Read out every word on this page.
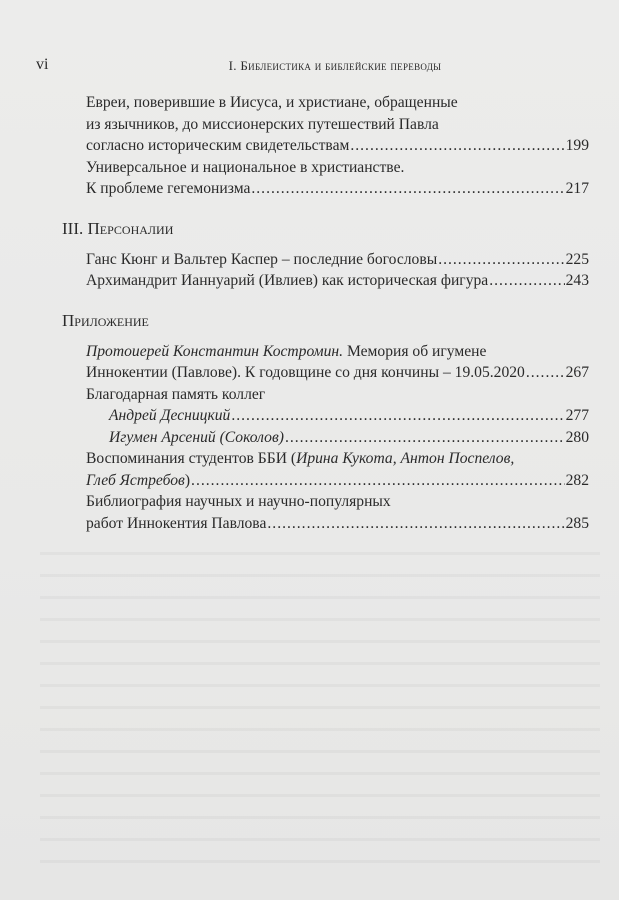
vi	I. Библеистика и библейские переводы
Евреи, поверившие в Иисуса, и христиане, обращенные
из язычников, до миссионерских путешествий Павла
согласно историческим свидетельствам .....	199
Универсальное и национальное в христианстве.
К проблеме гегемонизма .....	217
III. Персоналии
Ганс Кюнг и Вальтер Каспер – последние богословы .....	225
Архимандрит Ианнуарий (Ивлиев) как историческая фигура .....	243
Приложение
Протоиерей Константин Костромин. Мемория об игумене
Иннокентии (Павлове). К годовщине со дня кончины – 19.05.2020 .....	267
Благодарная память коллег
Андрей Десницкий .....	277
Игумен Арсений (Соколов) .....	280
Воспоминания студентов ББИ (Ирина Кукота, Антон Поспелов,
Глеб Ястребов) .....	282
Библиография научных и научно-популярных
работ Иннокентия Павлова .....	285
